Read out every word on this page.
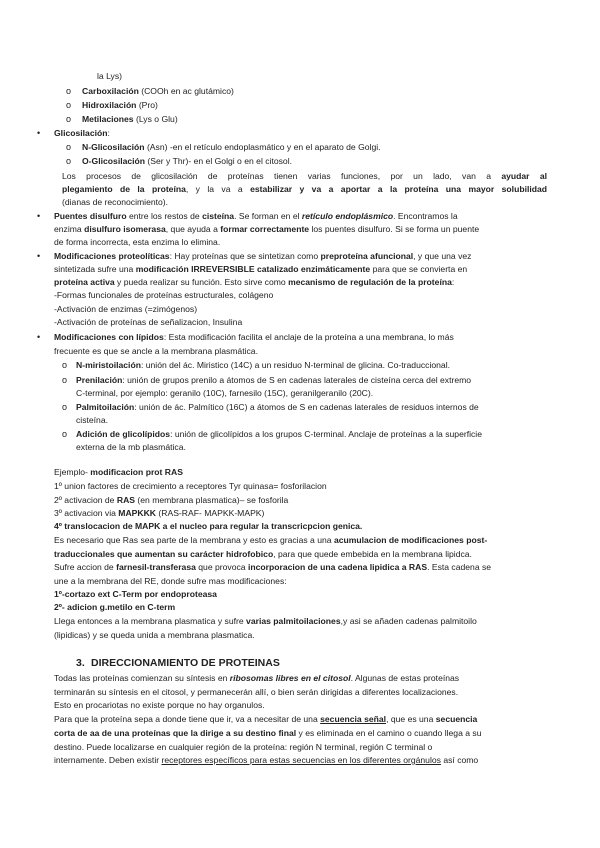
la Lys)
o Carboxilación (COOh en ac glutámico)
o Hidroxilación (Pro)
o Metilaciones (Lys o Glu)
• Glicosilación:
o N-Glicosilación (Asn) -en el retículo endoplasmático y en el aparato de Golgi.
o O-Glicosilación (Ser y Thr)- en el Golgi o en el citosol.
Los procesos de glicosilación de proteínas tienen varias funciones, por un lado, van a ayudar al
plegamiento de la proteína, y la va a estabilizar y va a aportar a la proteína una mayor solubilidad
(dianas de reconocimiento).
• Puentes disulfuro entre los restos de cisteína. Se forman en el retículo endoplásmico. Encontramos la
enzima disulfuro isomerasa, que ayuda a formar correctamente los puentes disulfuro. Si se forma un puente
de forma incorrecta, esta enzima lo elimina.
• Modificaciones proteolíticas: Hay proteínas que se sintetizan como preproteína afuncional, y que una vez
sintetizada sufre una modificación IRREVERSIBLE catalizado enzimáticamente para que se convierta en
proteína activa y pueda realizar su función. Esto sirve como mecanismo de regulación de la proteína:
-Formas funcionales de proteínas estructurales, colágeno
-Activación de enzimas (=zimógenos)
-Activación de proteínas de señalizacion, Insulina
• Modificaciones con lípidos: Esta modificación facilita el anclaje de la proteína a una membrana, lo más
frecuente es que se ancle a la membrana plasmática.
o N-miristoilación: unión del ác. Miristico (14C) a un residuo N-terminal de glicina. Co-traduccional.
o Prenilación: unión de grupos prenilo a átomos de S en cadenas laterales de cisteína cerca del extremo
C-terminal, por ejemplo: geranilo (10C), farnesilo (15C), geranilgeranilo (20C).
o Palmitoilación: unión de ác. Palmítico (16C) a átomos de S en cadenas laterales de residuos internos de
cisteína.
o Adición de glicolípidos: unión de glicolípidos a los grupos C-terminal. Anclaje de proteínas a la superficie
externa de la mb plasmática.
Ejemplo- modificacion prot RAS
1º union factores de crecimiento a receptores Tyr quinasa= fosforilacion
2º activacion de RAS (en membrana plasmatica)– se fosforila
3º activacion via MAPKKK (RAS-RAF- MAPKK-MAPK)
4º translocacion de MAPK a el nucleo para regular la transcricpcion genica.
Es necesario que Ras sea parte de la membrana y esto es gracias a una acumulacion de modificaciones post-
traduccionales que aumentan su carácter hidrofobico, para que quede embebida en la membrana lipidca.
Sufre accion de farnesil-transferasa que provoca incorporacion de una cadena lipidica a RAS. Esta cadena se
une a la membrana del RE, donde sufre mas modificaciones:
1º-cortazo ext C-Term por endoproteasa
2º- adicion g.metilo en C-term
Llega entonces a la membrana plasmatica y sufre varias palmitoilaciones,y asi se añaden cadenas palmitoilo
(lipidicas) y se queda unida a membrana plasmatica.
3. DIRECCIONAMIENTO DE PROTEINAS
Todas las proteínas comienzan su síntesis en ribosomas libres en el citosol. Algunas de estas proteínas
terminarán su síntesis en el citosol, y permanecerán allí, o bien serán dirigidas a diferentes localizaciones.
Esto en procariotas no existe porque no hay organulos.
Para que la proteína sepa a donde tiene que ir, va a necesitar de una secuencia señal, que es una secuencia
corta de aa de una proteínas que la dirige a su destino final y es eliminada en el camino o cuando llega a su
destino. Puede localizarse en cualquier región de la proteína: región N terminal, región C terminal o
internamente. Deben existir receptores específicos para estas secuencias en los diferentes orgánulos así como
